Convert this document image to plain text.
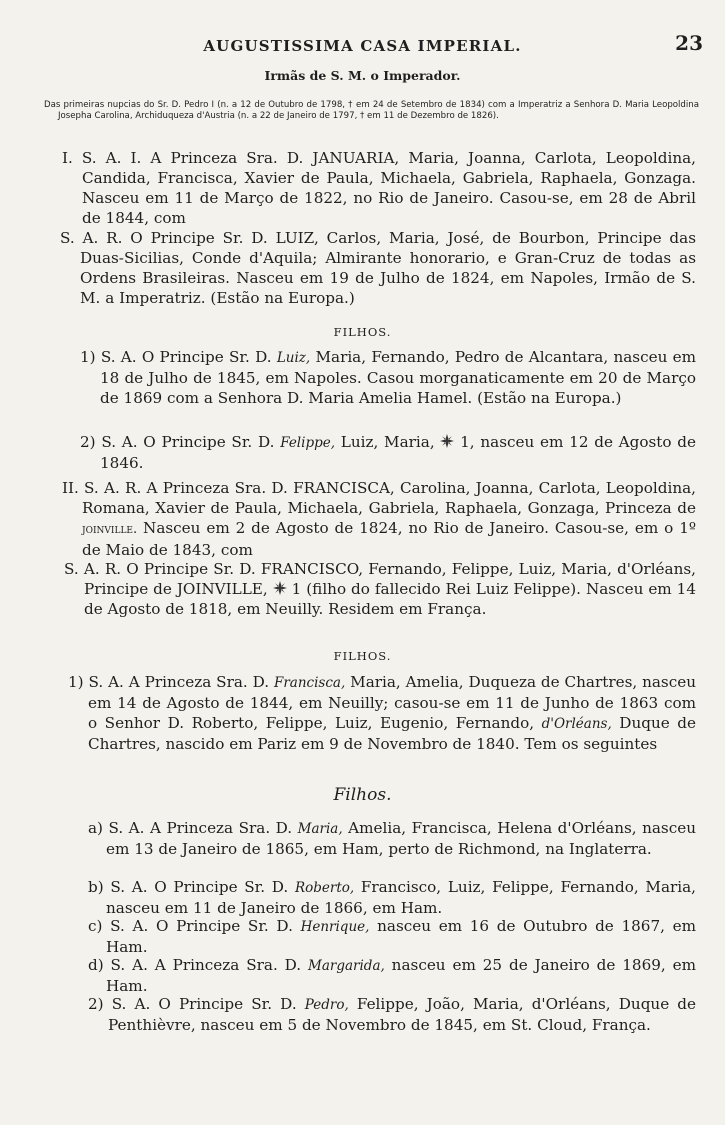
AUGUSTISSIMA CASA IMPERIAL.	23
Irmãs de S. M. o Imperador.
Das primeiras nupcias do Sr. D. Pedro I (n. a 12 de Outubro de 1798, † em 24 de Setembro de 1834) com a Imperatriz a Senhora D. Maria Leopoldina Josepha Carolina, Archiduqueza d'Austria (n. a 22 de Janeiro de 1797, † em 11 de Dezembro de 1826).
I. S. A. I. A Princeza Sra. D. JANUARIA, Maria, Joanna, Carlota, Leopoldina, Candida, Francisca, Xavier de Paula, Michaela, Gabriela, Raphaela, Gonzaga. Nasceu em 11 de Março de 1822, no Rio de Janeiro. Casou-se, em 28 de Abril de 1844, com
S. A. R. O Principe Sr. D. LUIZ, Carlos, Maria, José, de Bourbon, Principe das Duas-Sicilias, Conde d'Aquila; Almirante honorario, e Gran-Cruz de todas as Ordens Brasileiras. Nasceu em 19 de Julho de 1824, em Napoles, Irmão de S. M. a Imperatriz. (Estão na Europa.)
FILHOS.
1) S. A. O Principe Sr. D. Luiz, Maria, Fernando, Pedro de Alcantara, nasceu em 18 de Julho de 1845, em Napoles. Casou morganaticamente em 20 de Março de 1869 com a Senhora D. Maria Amelia Hamel. (Estão na Europa.)
2) S. A. O Principe Sr. D. Felippe, Luiz, Maria,  1, nasceu em 12 de Agosto de 1846.
II. S. A. R. A Princeza Sra. D. FRANCISCA, Carolina, Joanna, Carlota, Leopoldina, Romana, Xavier de Paula, Michaela, Gabriela, Raphaela, Gonzaga, Princeza de joinville. Nasceu em 2 de Agosto de 1824, no Rio de Janeiro. Casou-se, em o 1º de Maio de 1843, com
S. A. R. O Principe Sr. D. FRANCISCO, Fernando, Felippe, Luiz, Maria, d'Orléans, Principe de JOINVILLE,  1 (filho do fallecido Rei Luiz Felippe). Nasceu em 14 de Agosto de 1818, em Neuilly. Residem em França.
FILHOS.
1) S. A. A Princeza Sra. D. Francisca, Maria, Amelia, Duqueza de Chartres, nasceu em 14 de Agosto de 1844, em Neuilly; casou-se em 11 de Junho de 1863 com o Senhor D. Roberto, Felippe, Luiz, Eugenio, Fernando, d'Orléans, Duque de Chartres, nascido em Pariz em 9 de Novembro de 1840. Tem os seguintes
Filhos.
a) S. A. A Princeza Sra. D. Maria, Amelia, Francisca, Helena d'Orléans, nasceu em 13 de Janeiro de 1865, em Ham, perto de Richmond, na Inglaterra.
b) S. A. O Principe Sr. D. Roberto, Francisco, Luiz, Felippe, Fernando, Maria, nasceu em 11 de Janeiro de 1866, em Ham.
c) S. A. O Principe Sr. D. Henrique, nasceu em 16 de Outubro de 1867, em Ham.
d) S. A. A Princeza Sra. D. Margarida, nasceu em 25 de Janeiro de 1869, em Ham.
2) S. A. O Principe Sr. D. Pedro, Felippe, João, Maria, d'Orléans, Duque de Penthièvre, nasceu em 5 de Novembro de 1845, em St. Cloud, França.
